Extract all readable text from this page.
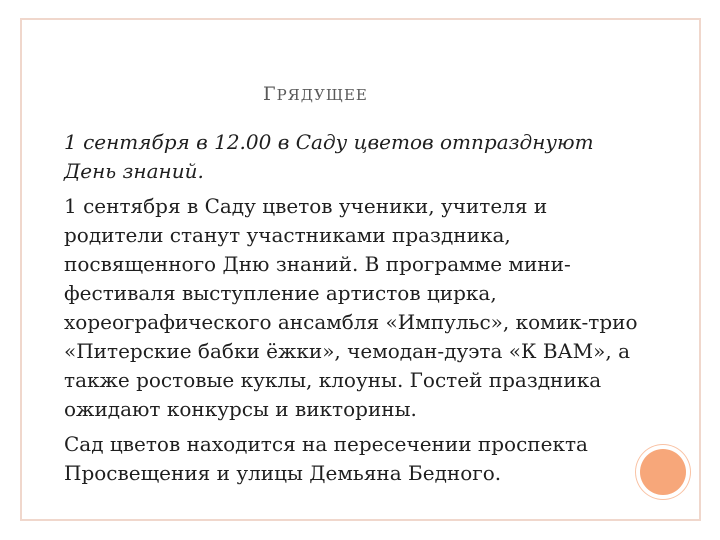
ГРЯДУЩЕЕ

1 сентября в 12.00 в Саду цветов отпразднуют

День знаний.

1 сентября в Саду цветов ученики, учителя и

родители станут участниками праздника,

посвященного Дню знаний. В программе мини-

фестиваля выступление артистов цирка,

хореографического ансамбля «Импульс», комик-трио

«Питерские бабки ёжки», чемодан-дуэта «К ВАМ», а

также ростовые куклы, клоуны. Гостей праздника

ожидают конкурсы и викторины.

Сад цветов находится на пересечении проспекта

Просвещения и улицы Демьяна Бедного.
